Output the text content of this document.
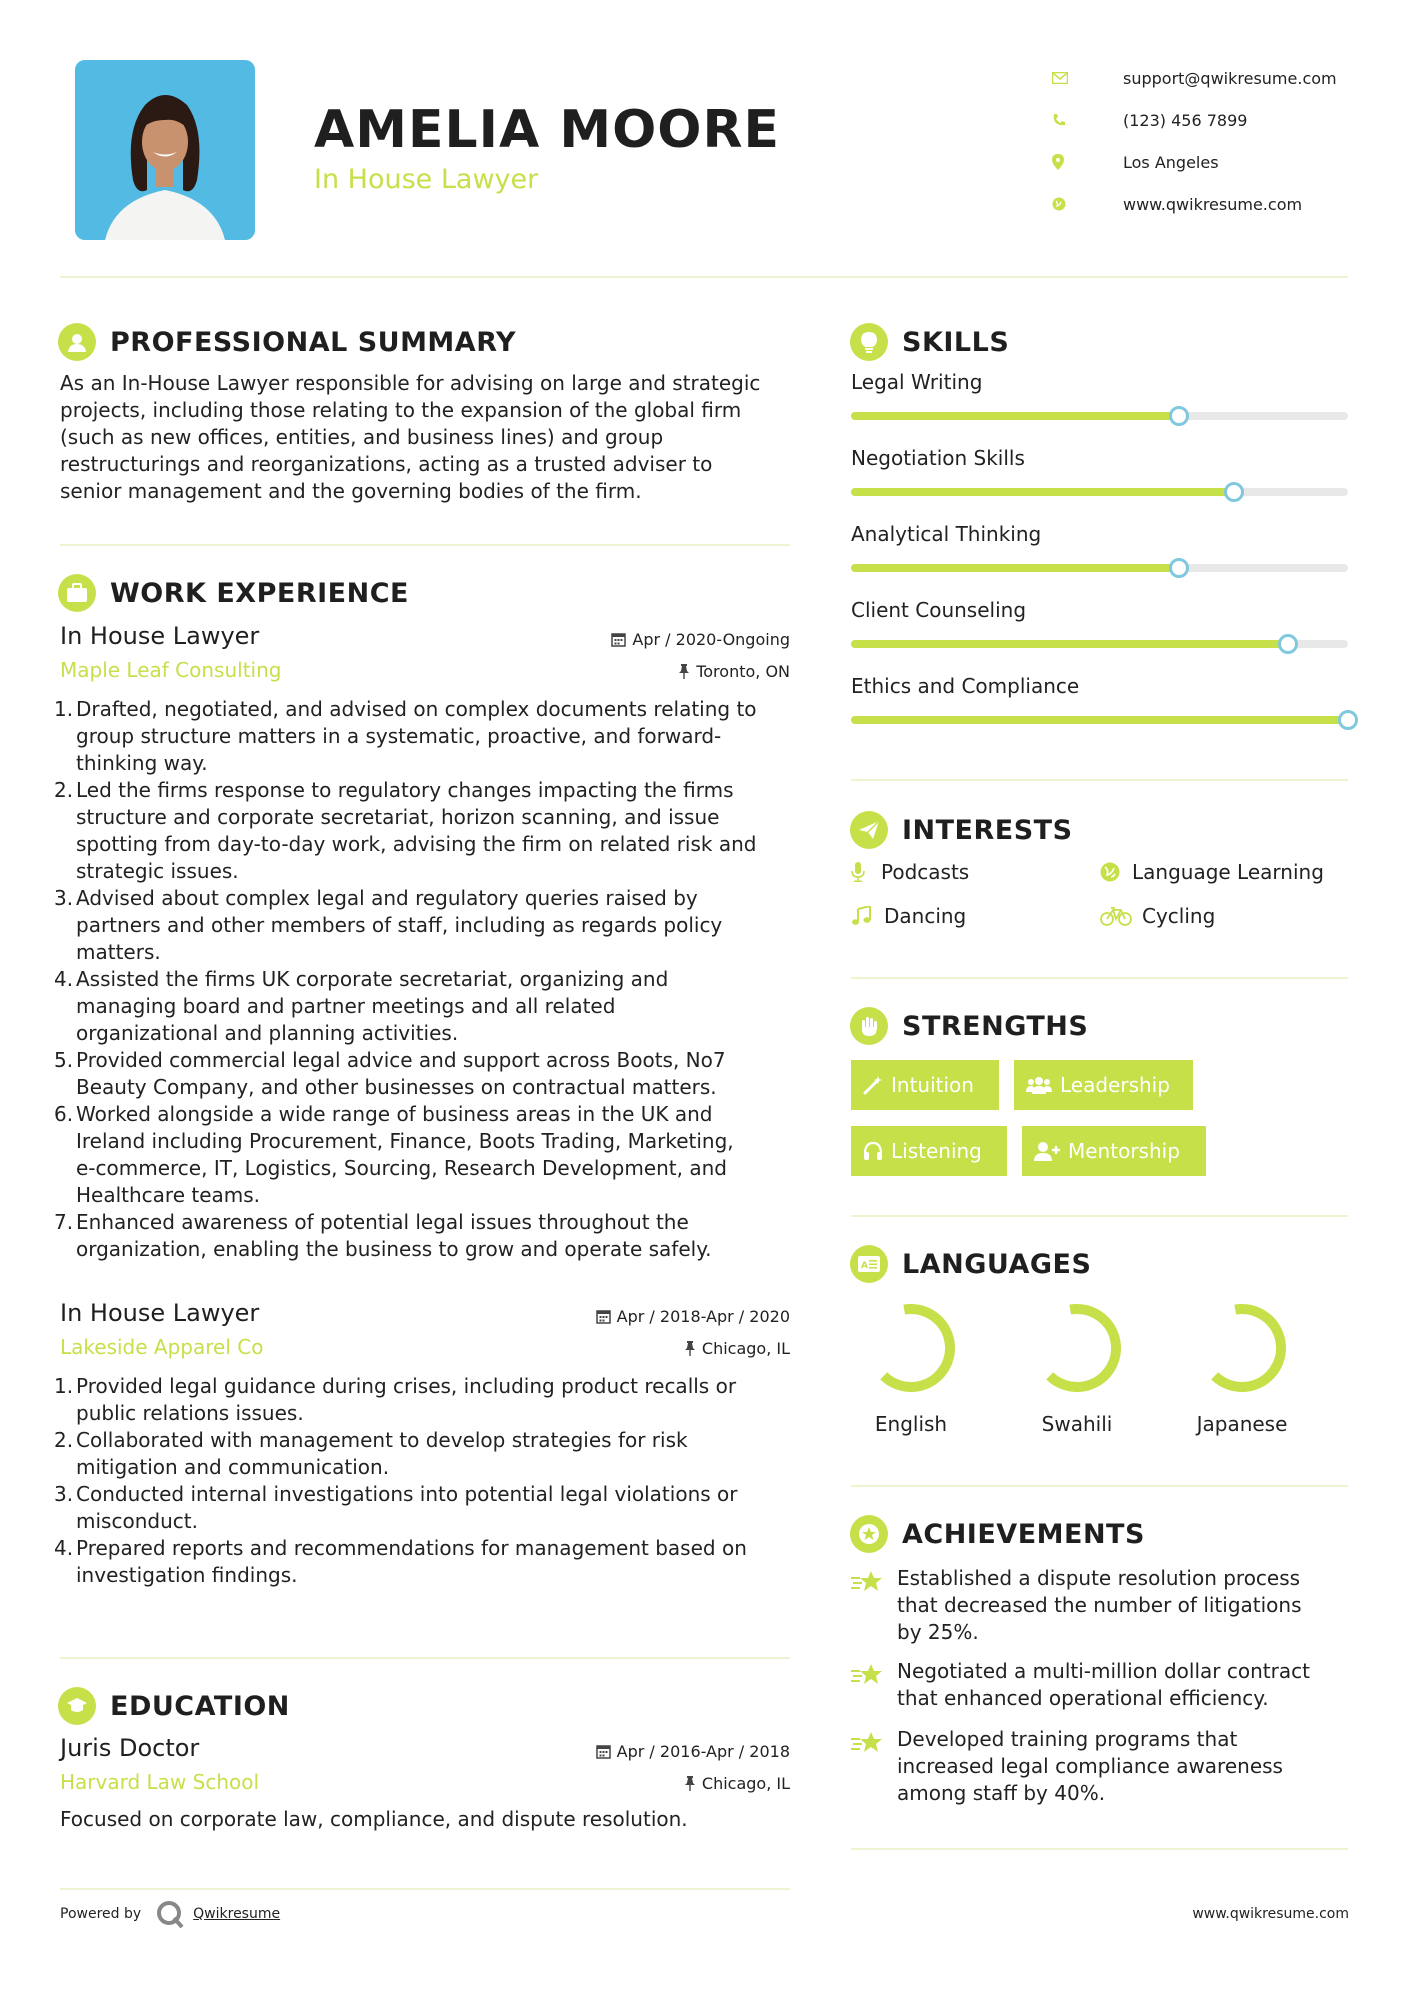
AMELIA MOORE
In House Lawyer
support@qwikresume.com
(123) 456 7899
Los Angeles
www.qwikresume.com
PROFESSIONAL SUMMARY
As an In-House Lawyer responsible for advising on large and strategic
projects, including those relating to the expansion of the global firm
(such as new offices, entities, and business lines) and group
restructurings and reorganizations, acting as a trusted adviser to
senior management and the governing bodies of the firm.
WORK EXPERIENCE
In House Lawyer
Maple Leaf Consulting
Apr / 2020-Ongoing
Toronto, ON
1. Drafted, negotiated, and advised on complex documents relating to
group structure matters in a systematic, proactive, and forward-
thinking way.
2. Led the firms response to regulatory changes impacting the firms
structure and corporate secretariat, horizon scanning, and issue
spotting from day-to-day work, advising the firm on related risk and
strategic issues.
3. Advised about complex legal and regulatory queries raised by
partners and other members of staff, including as regards policy
matters.
4. Assisted the firms UK corporate secretariat, organizing and
managing board and partner meetings and all related
organizational and planning activities.
5. Provided commercial legal advice and support across Boots, No7
Beauty Company, and other businesses on contractual matters.
6. Worked alongside a wide range of business areas in the UK and
Ireland including Procurement, Finance, Boots Trading, Marketing,
e-commerce, IT, Logistics, Sourcing, Research Development, and
Healthcare teams.
7. Enhanced awareness of potential legal issues throughout the
organization, enabling the business to grow and operate safely.
In House Lawyer
Lakeside Apparel Co
Apr / 2018-Apr / 2020
Chicago, IL
1. Provided legal guidance during crises, including product recalls or
public relations issues.
2. Collaborated with management to develop strategies for risk
mitigation and communication.
3. Conducted internal investigations into potential legal violations or
misconduct.
4. Prepared reports and recommendations for management based on
investigation findings.
EDUCATION
Juris Doctor
Harvard Law School
Apr / 2016-Apr / 2018
Chicago, IL
Focused on corporate law, compliance, and dispute resolution.
SKILLS
Legal Writing
Negotiation Skills
Analytical Thinking
Client Counseling
Ethics and Compliance
INTERESTS
Podcasts	Language Learning
Dancing	Cycling
STRENGTHS
Intuition	Leadership
Listening	Mentorship
A LANGUAGES
English	Swahili	Japanese
ACHIEVEMENTS
Established a dispute resolution process
that decreased the number of litigations
by 25%.
Negotiated a multi-million dollar contract
that enhanced operational efficiency.
Developed training programs that
increased legal compliance awareness
among staff by 40%.
Powered by	Qwikresume	www.qwikresume.com
